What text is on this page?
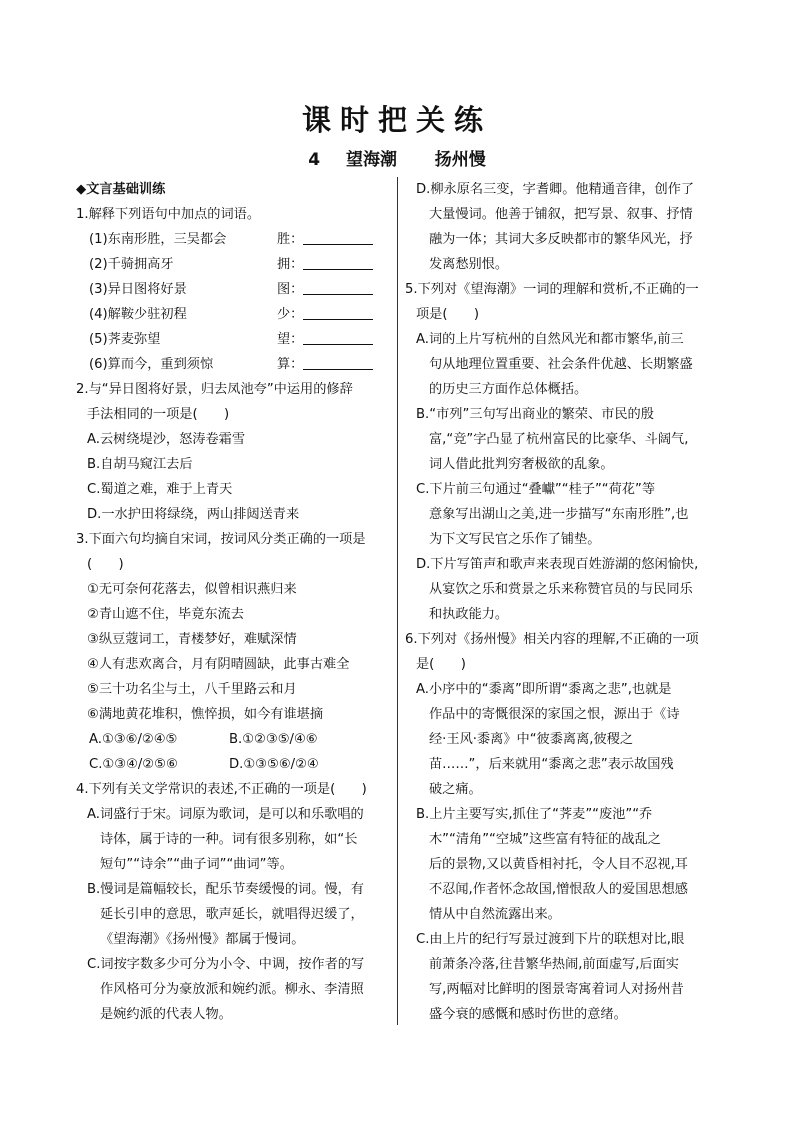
课时把关练
4 望海潮 扬州慢
◆文言基础训练
1.解释下列语句中加点的词语。
(1)东南形胜，三吴都会	胜：
(2)千骑拥高牙	拥：
(3)异日图将好景	图：
(4)解鞍少驻初程	少：
(5)荠麦弥望	望：
(6)算而今，重到须惊	算：
2.与“异日图将好景，归去凤池夸”中运用的修辞
手法相同的一项是(　　)
A.云树绕堤沙，怒涛卷霜雪
B.自胡马窥江去后
C.蜀道之难，难于上青天
D.一水护田将绿绕，两山排闼送青来
3.下面六句均摘自宋词，按词风分类正确的一项是
(　　)
①无可奈何花落去，似曾相识燕归来
②青山遮不住，毕竟东流去
③纵豆蔻词工，青楼梦好，难赋深情
④人有悲欢离合，月有阴晴圆缺，此事古难全
⑤三十功名尘与土，八千里路云和月
⑥满地黄花堆积，憔悴损，如今有谁堪摘
A.①③⑥/②④⑤	B.①②③⑤/④⑥
C.①③④/②⑤⑥	D.①③⑤⑥/②④
4.下列有关文学常识的表述,不正确的一项是(　　)
A.词盛行于宋。词原为歌词，是可以和乐歌唱的
诗体，属于诗的一种。词有很多别称，如“长
短句”“诗余”“曲子词”“曲词”等。
B.慢词是篇幅较长，配乐节奏缓慢的词。慢，有
延长引申的意思，歌声延长，就唱得迟缓了，
《望海潮》《扬州慢》都属于慢词。
C.词按字数多少可分为小令、中调，按作者的写
作风格可分为豪放派和婉约派。柳永、李清照
是婉约派的代表人物。
D.柳永原名三变，字耆卿。他精通音律，创作了
大量慢词。他善于铺叙，把写景、叙事、抒情
融为一体；其词大多反映都市的繁华风光，抒
发离愁别恨。
5.下列对《望海潮》一词的理解和赏析,不正确的一
项是(　　)
A.词的上片写杭州的自然风光和都市繁华,前三
句从地理位置重要、社会条件优越、长期繁盛
的历史三方面作总体概括。
B.“市列”三句写出商业的繁荣、市民的殷
富,“竞”字凸显了杭州富民的比豪华、斗阔气,
词人借此批判穷奢极欲的乱象。
C.下片前三句通过“叠巘”“桂子”“荷花”等
意象写出湖山之美,进一步描写“东南形胜”,也
为下文写民官之乐作了铺垫。
D.下片写笛声和歌声来表现百姓游湖的悠闲愉快,
从宴饮之乐和赏景之乐来称赞官员的与民同乐
和执政能力。
6.下列对《扬州慢》相关内容的理解,不正确的一项
是(　　)
A.小序中的“黍离”即所谓“黍离之悲”,也就是
作品中的寄慨很深的家国之恨，源出于《诗
经·王风·黍离》中“彼黍离离,彼稷之
苗……”，后来就用“黍离之悲”表示故国残
破之痛。
B.上片主要写实,抓住了“荠麦”“废池”“乔
木”“清角”“空城”这些富有特征的战乱之
后的景物,又以黄昏相衬托，令人目不忍视,耳
不忍闻,作者怀念故国,憎恨敌人的爱国思想感
情从中自然流露出来。
C.由上片的纪行写景过渡到下片的联想对比,眼
前萧条冷落,往昔繁华热闹,前面虚写,后面实
写,两幅对比鲜明的图景寄寓着词人对扬州昔
盛今衰的感慨和感时伤世的意绪。
